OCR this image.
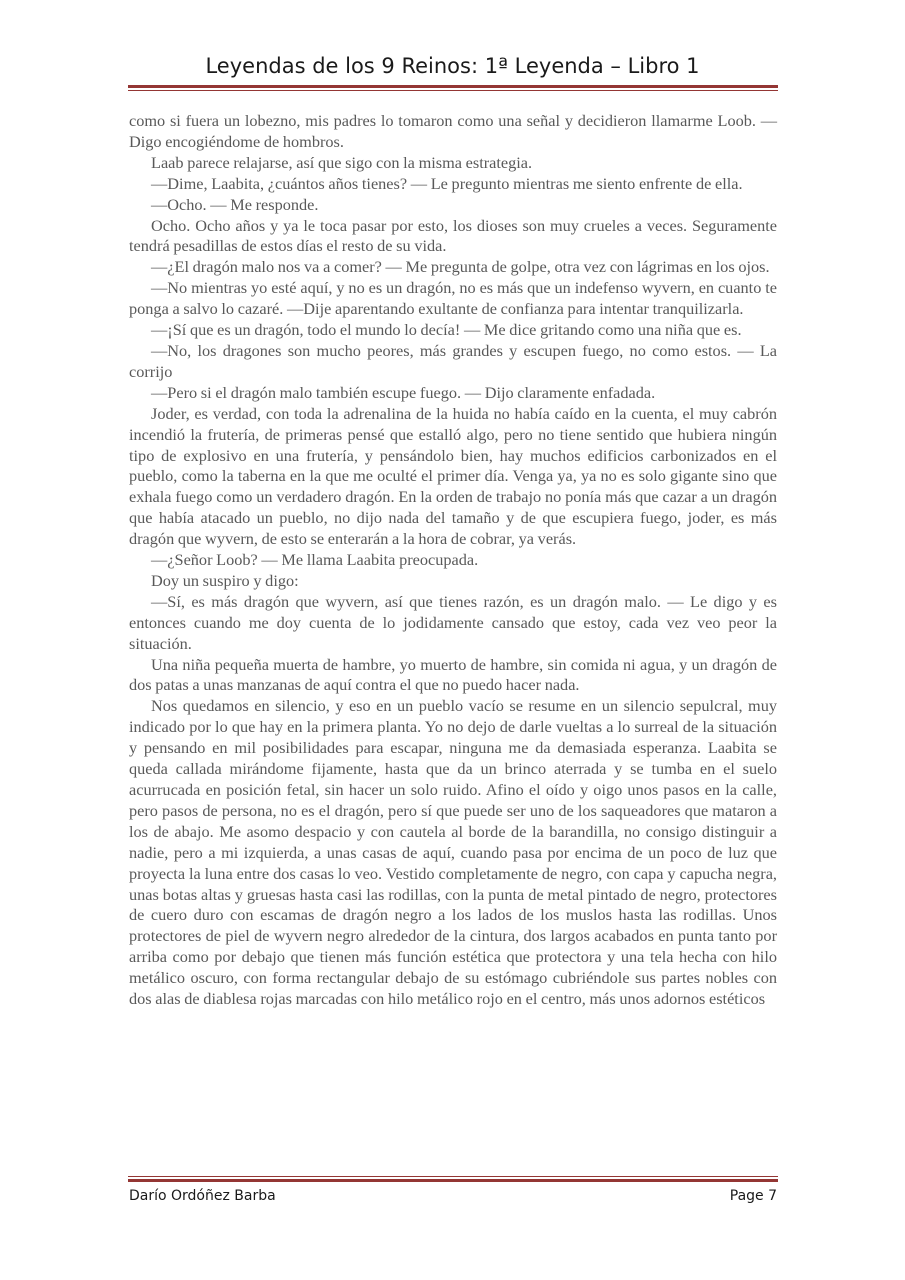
Leyendas de los 9 Reinos: 1ª Leyenda – Libro 1

como si fuera un lobezno, mis padres lo tomaron como una señal y decidieron llamarme Loob. — Digo encogiéndome de hombros.

Laab parece relajarse, así que sigo con la misma estrategia.

—Dime, Laabita, ¿cuántos años tienes? — Le pregunto mientras me siento enfrente de ella.

—Ocho. — Me responde.

Ocho. Ocho años y ya le toca pasar por esto, los dioses son muy crueles a veces. Seguramente tendrá pesadillas de estos días el resto de su vida.

—¿El dragón malo nos va a comer? — Me pregunta de golpe, otra vez con lágrimas en los ojos.

—No mientras yo esté aquí, y no es un dragón, no es más que un indefenso wyvern, en cuanto te ponga a salvo lo cazaré. —Dije aparentando exultante de confianza para intentar tranquilizarla.

—¡Sí que es un dragón, todo el mundo lo decía! — Me dice gritando como una niña que es.

—No, los dragones son mucho peores, más grandes y escupen fuego, no como estos. — La corrijo

—Pero si el dragón malo también escupe fuego. — Dijo claramente enfadada.

Joder, es verdad, con toda la adrenalina de la huida no había caído en la cuenta, el muy cabrón incendió la frutería, de primeras pensé que estalló algo, pero no tiene sentido que hubiera ningún tipo de explosivo en una frutería, y pensándolo bien, hay muchos edificios carbonizados en el pueblo, como la taberna en la que me oculté el primer día. Venga ya, ya no es solo gigante sino que exhala fuego como un verdadero dragón. En la orden de trabajo no ponía más que cazar a un dragón que había atacado un pueblo, no dijo nada del tamaño y de que escupiera fuego, joder, es más dragón que wyvern, de esto se enterarán a la hora de cobrar, ya verás.

—¿Señor Loob? — Me llama Laabita preocupada.

Doy un suspiro y digo:

—Sí, es más dragón que wyvern, así que tienes razón, es un dragón malo. — Le digo y es entonces cuando me doy cuenta de lo jodidamente cansado que estoy, cada vez veo peor la situación.

Una niña pequeña muerta de hambre, yo muerto de hambre, sin comida ni agua, y un dragón de dos patas a unas manzanas de aquí contra el que no puedo hacer nada.

Nos quedamos en silencio, y eso en un pueblo vacío se resume en un silencio sepulcral, muy indicado por lo que hay en la primera planta. Yo no dejo de darle vueltas a lo surreal de la situación y pensando en mil posibilidades para escapar, ninguna me da demasiada esperanza. Laabita se queda callada mirándome fijamente, hasta que da un brinco aterrada y se tumba en el suelo acurrucada en posición fetal, sin hacer un solo ruido. Afino el oído y oigo unos pasos en la calle, pero pasos de persona, no es el dragón, pero sí que puede ser uno de los saqueadores que mataron a los de abajo. Me asomo despacio y con cautela al borde de la barandilla, no consigo distinguir a nadie, pero a mi izquierda, a unas casas de aquí, cuando pasa por encima de un poco de luz que proyecta la luna entre dos casas lo veo. Vestido completamente de negro, con capa y capucha negra, unas botas altas y gruesas hasta casi las rodillas, con la punta de metal pintado de negro, protectores de cuero duro con escamas de dragón negro a los lados de los muslos hasta las rodillas. Unos protectores de piel de wyvern negro alrededor de la cintura, dos largos acabados en punta tanto por arriba como por debajo que tienen más función estética que protectora y una tela hecha con hilo metálico oscuro, con forma rectangular debajo de su estómago cubriéndole sus partes nobles con dos alas de diablesa rojas marcadas con hilo metálico rojo en el centro, más unos adornos estéticos

Darío Ordóñez Barba	Page 7
